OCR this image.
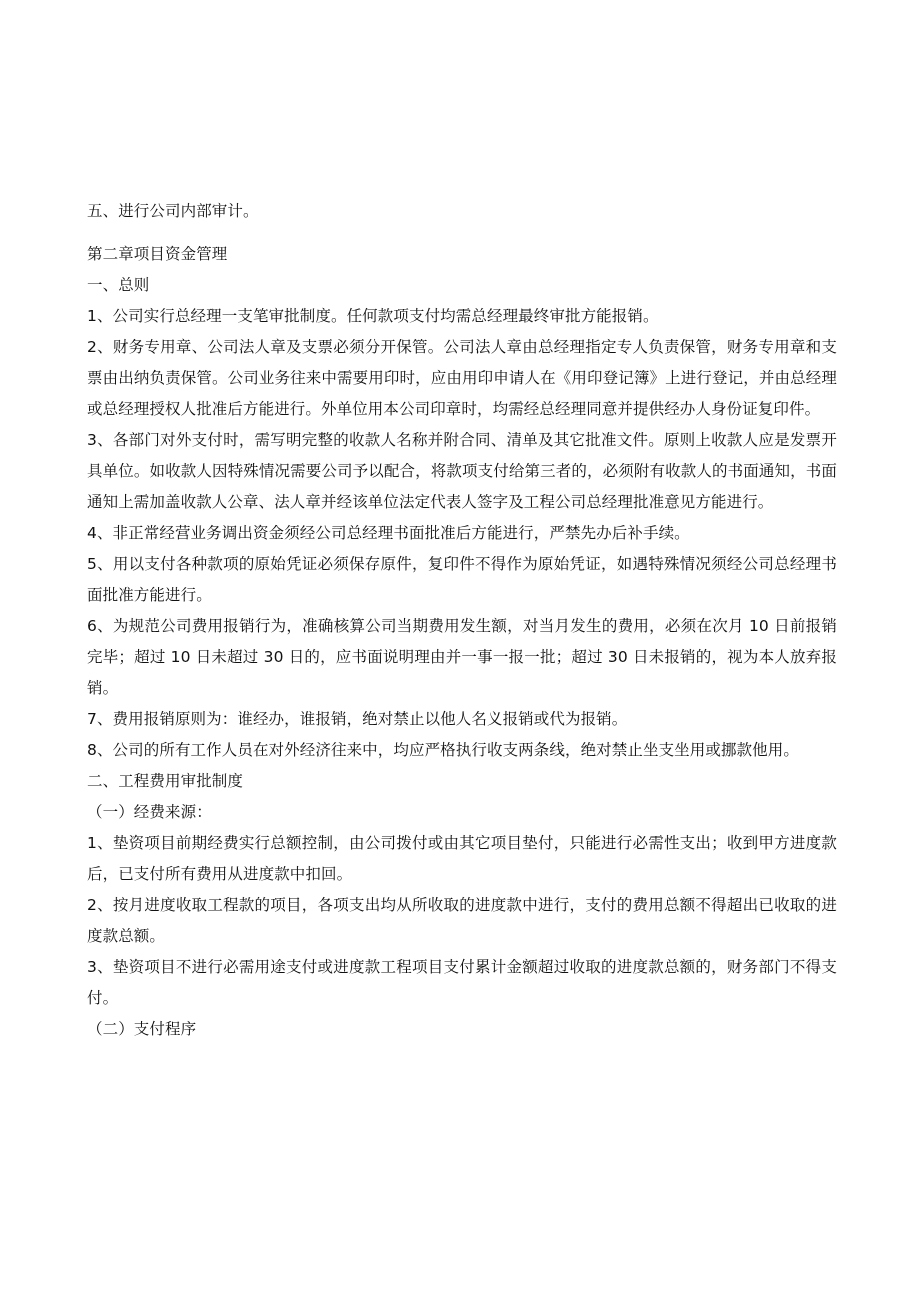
五、进行公司内部审计。

第二章项目资金管理

一、总则

1、公司实行总经理一支笔审批制度。任何款项支付均需总经理最终审批方能报销。

2、财务专用章、公司法人章及支票必须分开保管。公司法人章由总经理指定专人负责保管，财务专用章和支票由出纳负责保管。公司业务往来中需要用印时，应由用印申请人在《用印登记簿》上进行登记，并由总经理或总经理授权人批准后方能进行。外单位用本公司印章时，均需经总经理同意并提供经办人身份证复印件。

3、各部门对外支付时，需写明完整的收款人名称并附合同、清单及其它批准文件。原则上收款人应是发票开具单位。如收款人因特殊情况需要公司予以配合，将款项支付给第三者的，必须附有收款人的书面通知，书面通知上需加盖收款人公章、法人章并经该单位法定代表人签字及工程公司总经理批准意见方能进行。

4、非正常经营业务调出资金须经公司总经理书面批准后方能进行，严禁先办后补手续。

5、用以支付各种款项的原始凭证必须保存原件，复印件不得作为原始凭证，如遇特殊情况须经公司总经理书面批准方能进行。

6、为规范公司费用报销行为，准确核算公司当期费用发生额，对当月发生的费用，必须在次月 10 日前报销完毕；超过 10 日未超过 30 日的，应书面说明理由并一事一报一批；超过 30 日未报销的，视为本人放弃报销。

7、费用报销原则为：谁经办，谁报销，绝对禁止以他人名义报销或代为报销。

8、公司的所有工作人员在对外经济往来中，均应严格执行收支两条线，绝对禁止坐支坐用或挪款他用。

二、工程费用审批制度

（一）经费来源：

1、垫资项目前期经费实行总额控制，由公司拨付或由其它项目垫付，只能进行必需性支出；收到甲方进度款后，已支付所有费用从进度款中扣回。

2、按月进度收取工程款的项目，各项支出均从所收取的进度款中进行，支付的费用总额不得超出已收取的进度款总额。

3、垫资项目不进行必需用途支付或进度款工程项目支付累计金额超过收取的进度款总额的，财务部门不得支付。

（二）支付程序
